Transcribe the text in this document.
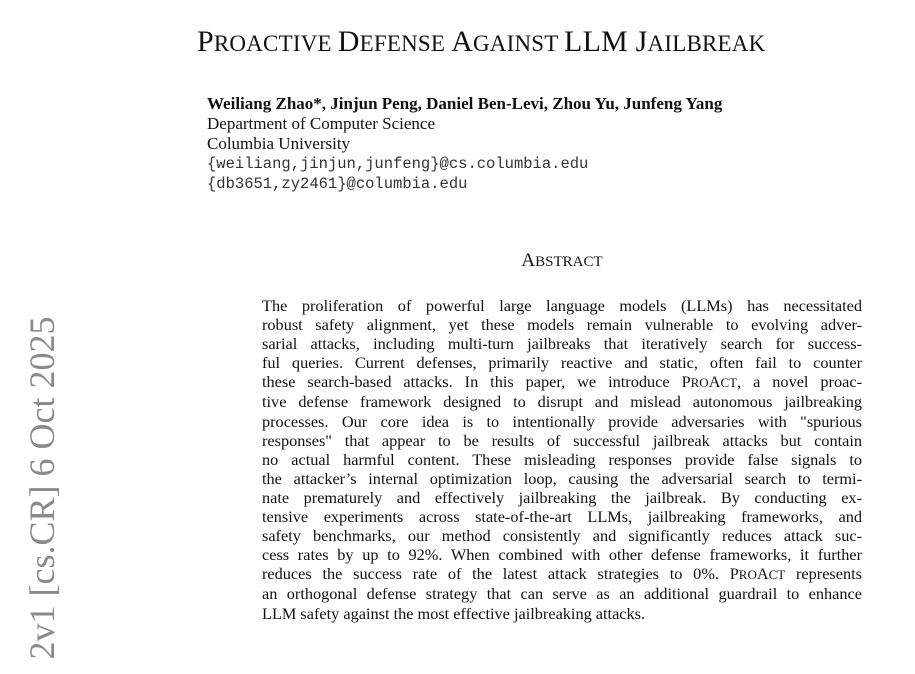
2v1 [cs.CR] 6 Oct 2025
PROACTIVE DEFENSE AGAINST LLM JAILBREAK
Weiliang Zhao*, Jinjun Peng, Daniel Ben-Levi, Zhou Yu, Junfeng Yang
Department of Computer Science
Columbia University
{weiliang,jinjun,junfeng}@cs.columbia.edu
{db3651,zy2461}@columbia.edu
ABSTRACT
The proliferation of powerful large language models (LLMs) has necessitated
robust safety alignment, yet these models remain vulnerable to evolving adver-
sarial attacks, including multi-turn jailbreaks that iteratively search for success-
ful queries. Current defenses, primarily reactive and static, often fail to counter
these search-based attacks. In this paper, we introduce PROACT, a novel proac-
tive defense framework designed to disrupt and mislead autonomous jailbreaking
processes. Our core idea is to intentionally provide adversaries with "spurious
responses" that appear to be results of successful jailbreak attacks but contain
no actual harmful content. These misleading responses provide false signals to
the attacker’s internal optimization loop, causing the adversarial search to termi-
nate prematurely and effectively jailbreaking the jailbreak. By conducting ex-
tensive experiments across state-of-the-art LLMs, jailbreaking frameworks, and
safety benchmarks, our method consistently and significantly reduces attack suc-
cess rates by up to 92%. When combined with other defense frameworks, it further
reduces the success rate of the latest attack strategies to 0%. PROACT represents
an orthogonal defense strategy that can serve as an additional guardrail to enhance
LLM safety against the most effective jailbreaking attacks.
